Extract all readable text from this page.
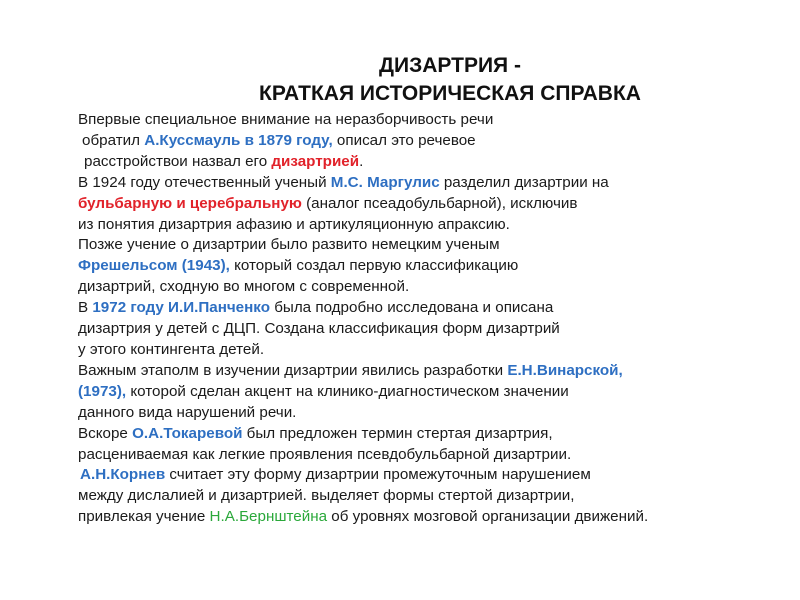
ДИЗАРТРИЯ -
КРАТКАЯ ИСТОРИЧЕСКАЯ СПРАВКА
Впервые специальное внимание на неразборчивость речи
обратил А.Куссмауль в 1879 году, описал это речевое
расстройствои назвал его дизартрией.
В 1924 году отечественный ученый М.С. Маргулис разделил дизартрии на
бульбарную и церебральную (аналог псеадобульбарной), исключив
из понятия дизартрия афазию и артикуляционную апраксию.
Позже учение о дизартрии было развито немецким ученым
Фрешельсом (1943), который создал первую классификацию
дизартрий, сходную во многом с современной.
В 1972 году И.И.Панченко была подробно исследована и описана
дизартрия у детей с ДЦП. Создана классификация форм дизартрий
у этого контингента детей.
Важным этаполм в изучении дизартрии явились разработки Е.Н.Винарской,
(1973), которой сделан акцент на клинико-диагностическом значении
данного вида нарушений речи.
Вскоре О.А.Токаревой был предложен термин стертая дизартрия,
расцениваемая как легкие проявления псевдобульбарной дизартрии.
А.Н.Корнев считает эту форму дизартрии промежуточным нарушением
между дислалией и дизартрией. выделяет формы стертой дизартрии,
привлекая учение Н.А.Бернштейна об уровнях мозговой организации движений.
